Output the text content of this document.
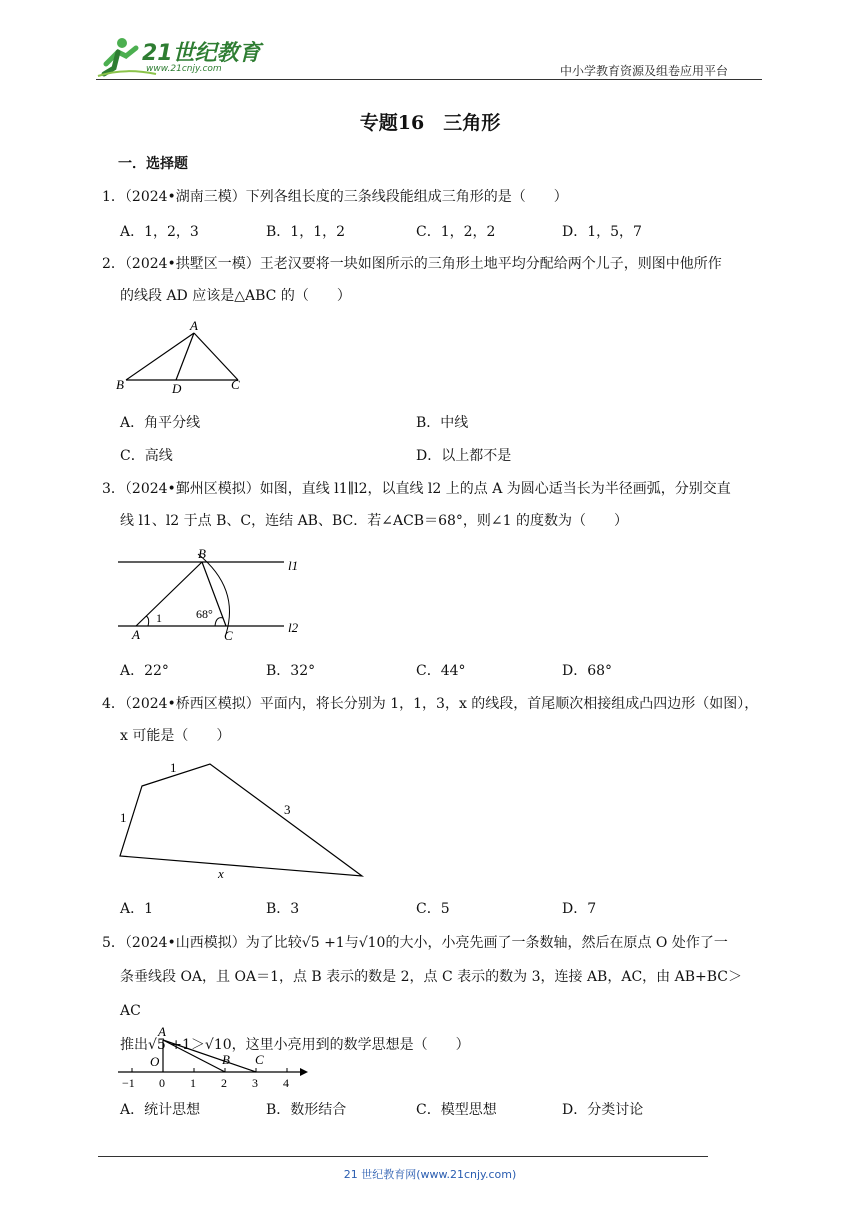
21世纪教育
www.21cnjy.com	中小学教育资源及组卷应用平台
专题16　三角形
一．选择题
1．（2024•湖南三模）下列各组长度的三条线段能组成三角形的是（　　）
A．1，2，3	B．1，1，2	C．1，2，2	D．1，5，7
2．（2024•拱墅区一模）王老汉要将一块如图所示的三角形土地平均分配给两个儿子，则图中他所作
的线段 AD 应该是△ABC 的（　　）
A
B	D	C
A．角平分线	B．中线
C．高线	D．以上都不是
3．（2024•鄞州区模拟）如图，直线 l1∥l2，以直线 l2 上的点 A 为圆心适当长为半径画弧，分别交直
线 l1、l2 于点 B、C，连结 AB、BC．若∠ACB＝68°，则∠1 的度数为（　　）
B
l1
68°
1
A	C
l2
A．22°	B．32°	C．44°	D．68°
4．（2024•桥西区模拟）平面内，将长分别为 1，1，3，x 的线段，首尾顺次相接组成凸四边形（如图），
x 可能是（　　）
1
1
3
x
A．1	B．3	C．5	D．7
5．（2024•山西模拟）为了比较√5 +1与√10的大小，小亮先画了一条数轴，然后在原点 O 处作了一
条垂线段 OA，且 OA＝1，点 B 表示的数是 2，点 C 表示的数为 3，连接 AB，AC，由 AB+BC＞AC
推出√5 +1＞√10，这里小亮用到的数学思想是（　　）
A
O	B C
−1 0 1 2 3 4
A．统计思想	B．数形结合	C．模型思想	D．分类讨论
21 世纪教育网(www.21cnjy.com)
